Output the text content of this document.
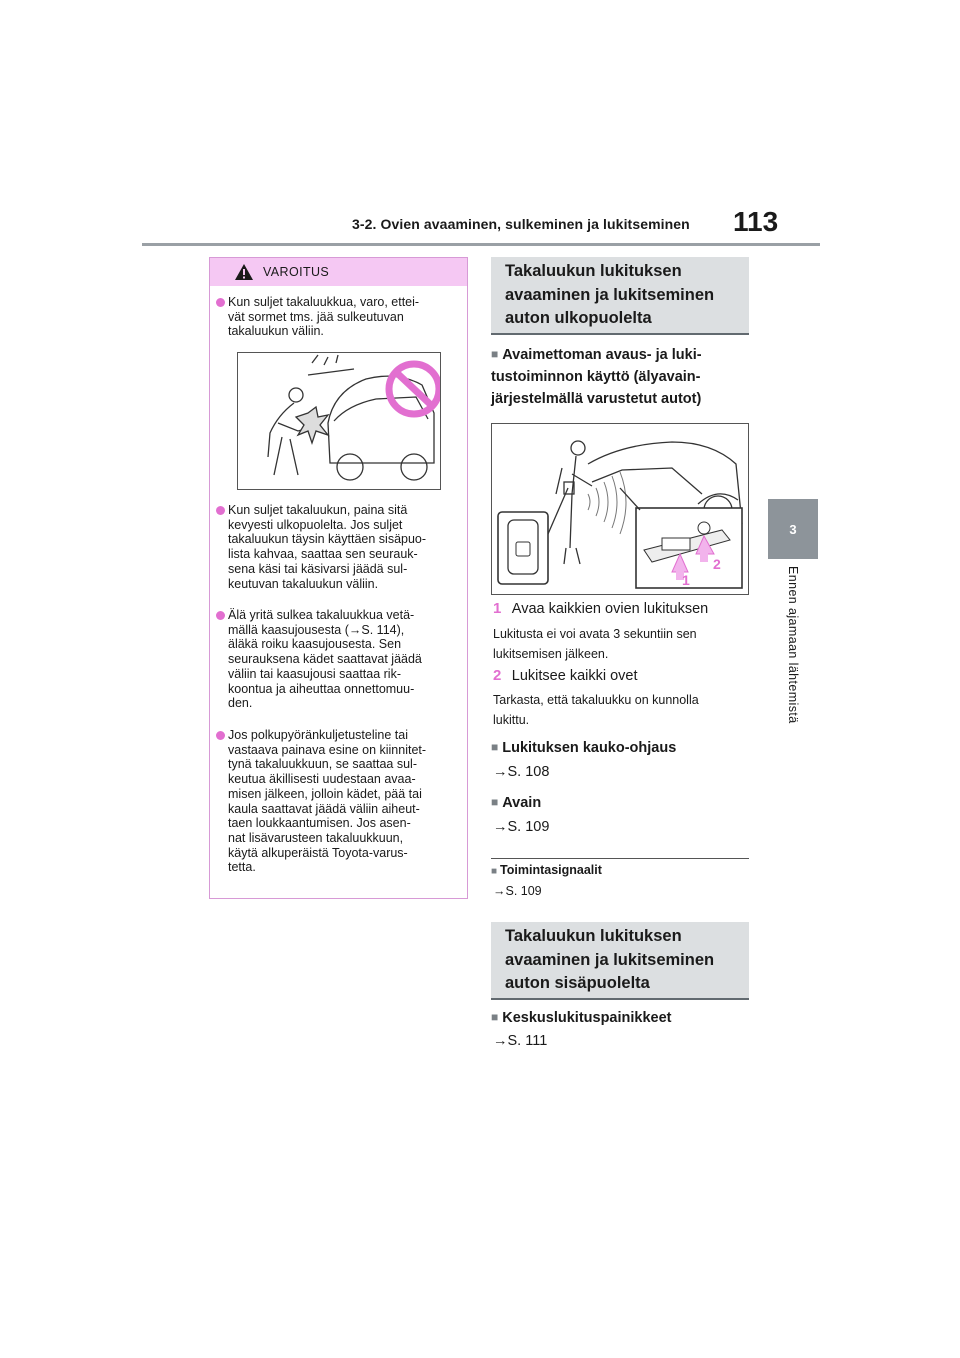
3-2. Ovien avaaminen, sulkeminen ja lukitseminen 113
3
Ennen ajamaan lähtemistä
VAROITUS
Kun suljet takaluukkua, varo, ettei-
vät sormet tms. jää sulkeutuvan
takaluukun väliin.
Kun suljet takaluukun, paina sitä
kevyesti ulkopuolelta. Jos suljet
takaluukun täysin käyttäen sisäpuo-
lista kahvaa, saattaa sen seurauk-
sena käsi tai käsivarsi jäädä sul-
keutuvan takaluukun väliin.
Älä yritä sulkea takaluukkua vetä-
mällä kaasujousesta (→S. 114),
äläkä roiku kaasujousesta. Sen
seurauksena kädet saattavat jäädä
väliin tai kaasujousi saattaa rik-
koontua ja aiheuttaa onnettomuu-
den.
Jos polkupyöränkuljetusteline tai
vastaava painava esine on kiinnitet-
tynä takaluukkuun, se saattaa sul-
keutua äkillisesti uudestaan avaa-
misen jälkeen, jolloin kädet, pää tai
kaula saattavat jäädä väliin aiheut-
taen loukkaantumisen. Jos asen-
nat lisävarusteen takaluukkuun,
käytä alkuperäistä Toyota-varus-
tetta.
Takaluukun lukituksen
avaaminen ja lukitseminen
auton ulkopuolelta
■ Avaimettoman avaus- ja luki-
tustoiminnon käyttö (älyavain-
järjestelmällä varustetut autot)
1
2
1 Avaa kaikkien ovien lukituksen
Lukitusta ei voi avata 3 sekuntiin sen
lukitsemisen jälkeen.
2 Lukitsee kaikki ovet
Tarkasta, että takaluukku on kunnolla
lukittu.
■ Lukituksen kauko-ohjaus
→S. 108
■ Avain
→S. 109
■ Toimintasignaalit
→S. 109
Takaluukun lukituksen
avaaminen ja lukitseminen
auton sisäpuolelta
■ Keskuslukituspainikkeet
→S. 111
